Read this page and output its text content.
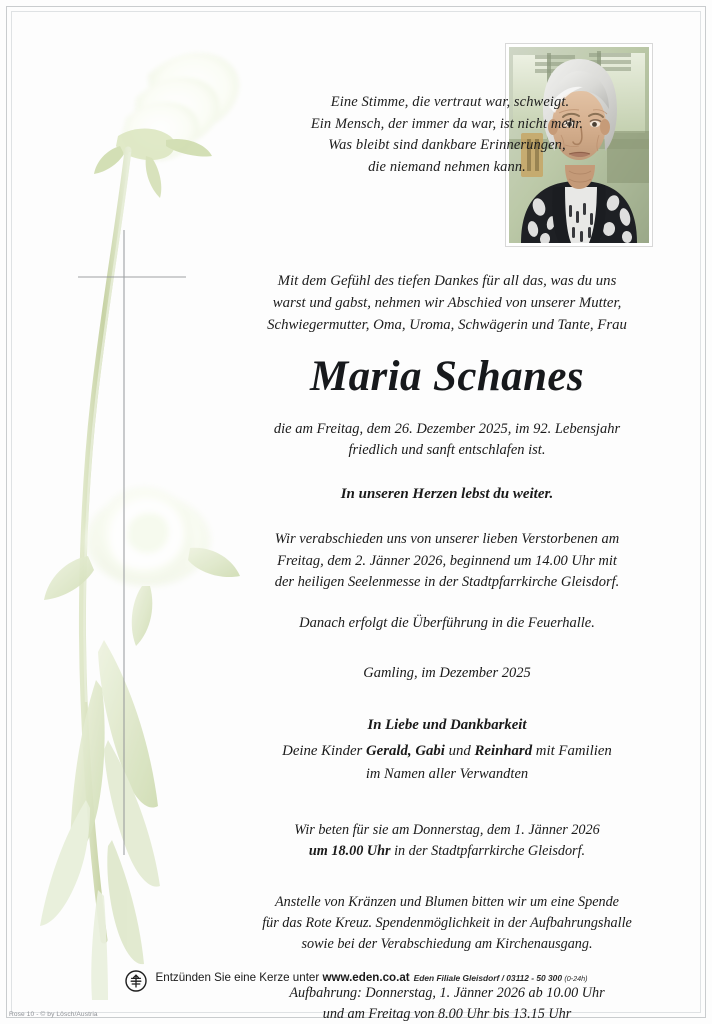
Eine Stimme, die vertraut war, schweigt.
Ein Mensch, der immer da war, ist nicht mehr.
Was bleibt sind dankbare Erinnerungen,
die niemand nehmen kann.
Mit dem Gefühl des tiefen Dankes für all das, was du uns
warst und gabst, nehmen wir Abschied von unserer Mutter,
Schwiegermutter, Oma, Uroma, Schwägerin und Tante, Frau
Maria Schanes
die am Freitag, dem 26. Dezember 2025, im 92. Lebensjahr
friedlich und sanft entschlafen ist.
In unseren Herzen lebst du weiter.
Wir verabschieden uns von unserer lieben Verstorbenen am
Freitag, dem 2. Jänner 2026, beginnend um 14.00 Uhr mit
der heiligen Seelenmesse in der Stadtpfarrkirche Gleisdorf.
Danach erfolgt die Überführung in die Feuerhalle.
Gamling, im Dezember 2025
In Liebe und Dankbarkeit
Deine Kinder Gerald, Gabi und Reinhard mit Familien
im Namen aller Verwandten
Wir beten für sie am Donnerstag, dem 1. Jänner 2026
um 18.00 Uhr in der Stadtpfarrkirche Gleisdorf.
Anstelle von Kränzen und Blumen bitten wir um eine Spende
für das Rote Kreuz. Spendenmöglichkeit in der Aufbahrungshalle
sowie bei der Verabschiedung am Kirchenausgang.
Aufbahrung: Donnerstag, 1. Jänner 2026 ab 10.00 Uhr
und am Freitag von 8.00 Uhr bis 13.15 Uhr
Entzünden Sie eine Kerze unter www.eden.co.at Eden Filiale Gleisdorf / 03112 - 50 300 (0-24h)
Rose 10 - © by Lösch/Austria
